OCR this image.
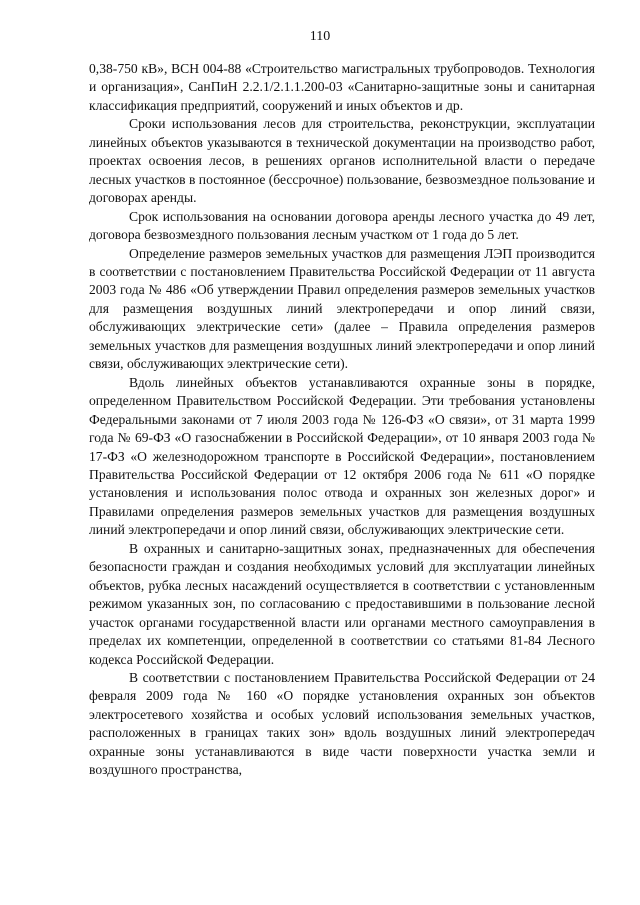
110

0,38-750 кВ», ВСН 004-88 «Строительство магистральных трубопроводов. Технология и организация», СанПиН 2.2.1/2.1.1.200-03 «Санитарно-защитные зоны и санитарная классификация предприятий, сооружений и иных объектов и др.

Сроки использования лесов для строительства, реконструкции, эксплуатации линейных объектов указываются в технической документации на производство работ, проектах освоения лесов, в решениях органов исполнительной власти о передаче лесных участков в постоянное (бессрочное) пользование, безвозмездное пользование и договорах аренды.

Срок использования на основании договора аренды лесного участка до 49 лет, договора безвозмездного пользования лесным участком от 1 года до 5 лет.

Определение размеров земельных участков для размещения ЛЭП производится в соответствии с постановлением Правительства Российской Федерации от 11 августа 2003 года № 486 «Об утверждении Правил определения размеров земельных участков для размещения воздушных линий электропередачи и опор линий связи, обслуживающих электрические сети» (далее – Правила определения размеров земельных участков для размещения воздушных линий электропередачи и опор линий связи, обслуживающих электрические сети).

Вдоль линейных объектов устанавливаются охранные зоны в порядке, определенном Правительством Российской Федерации. Эти требования установлены Федеральными законами от 7 июля 2003 года № 126-ФЗ «О связи», от 31 марта 1999 года № 69-ФЗ «О газоснабжении в Российской Федерации», от 10 января 2003 года № 17-ФЗ «О железнодорожном транспорте в Российской Федерации», постановлением Правительства Российской Федерации от 12 октября 2006 года № 611 «О порядке установления и использования полос отвода и охранных зон железных дорог» и Правилами определения размеров земельных участков для размещения воздушных линий электропередачи и опор линий связи, обслуживающих электрические сети.

В охранных и санитарно-защитных зонах, предназначенных для обеспечения безопасности граждан и создания необходимых условий для эксплуатации линейных объектов, рубка лесных насаждений осуществляется в соответствии с установленным режимом указанных зон, по согласованию с предоставившими в пользование лесной участок органами государственной власти или органами местного самоуправления в пределах их компетенции, определенной в соответствии со статьями 81-84 Лесного кодекса Российской Федерации.

В соответствии с постановлением Правительства Российской Федерации от 24 февраля 2009 года № 160 «О порядке установления охранных зон объектов электросетевого хозяйства и особых условий использования земельных участков, расположенных в границах таких зон» вдоль воздушных линий электропередач охранные зоны устанавливаются в виде части поверхности участка земли и воздушного пространства,
